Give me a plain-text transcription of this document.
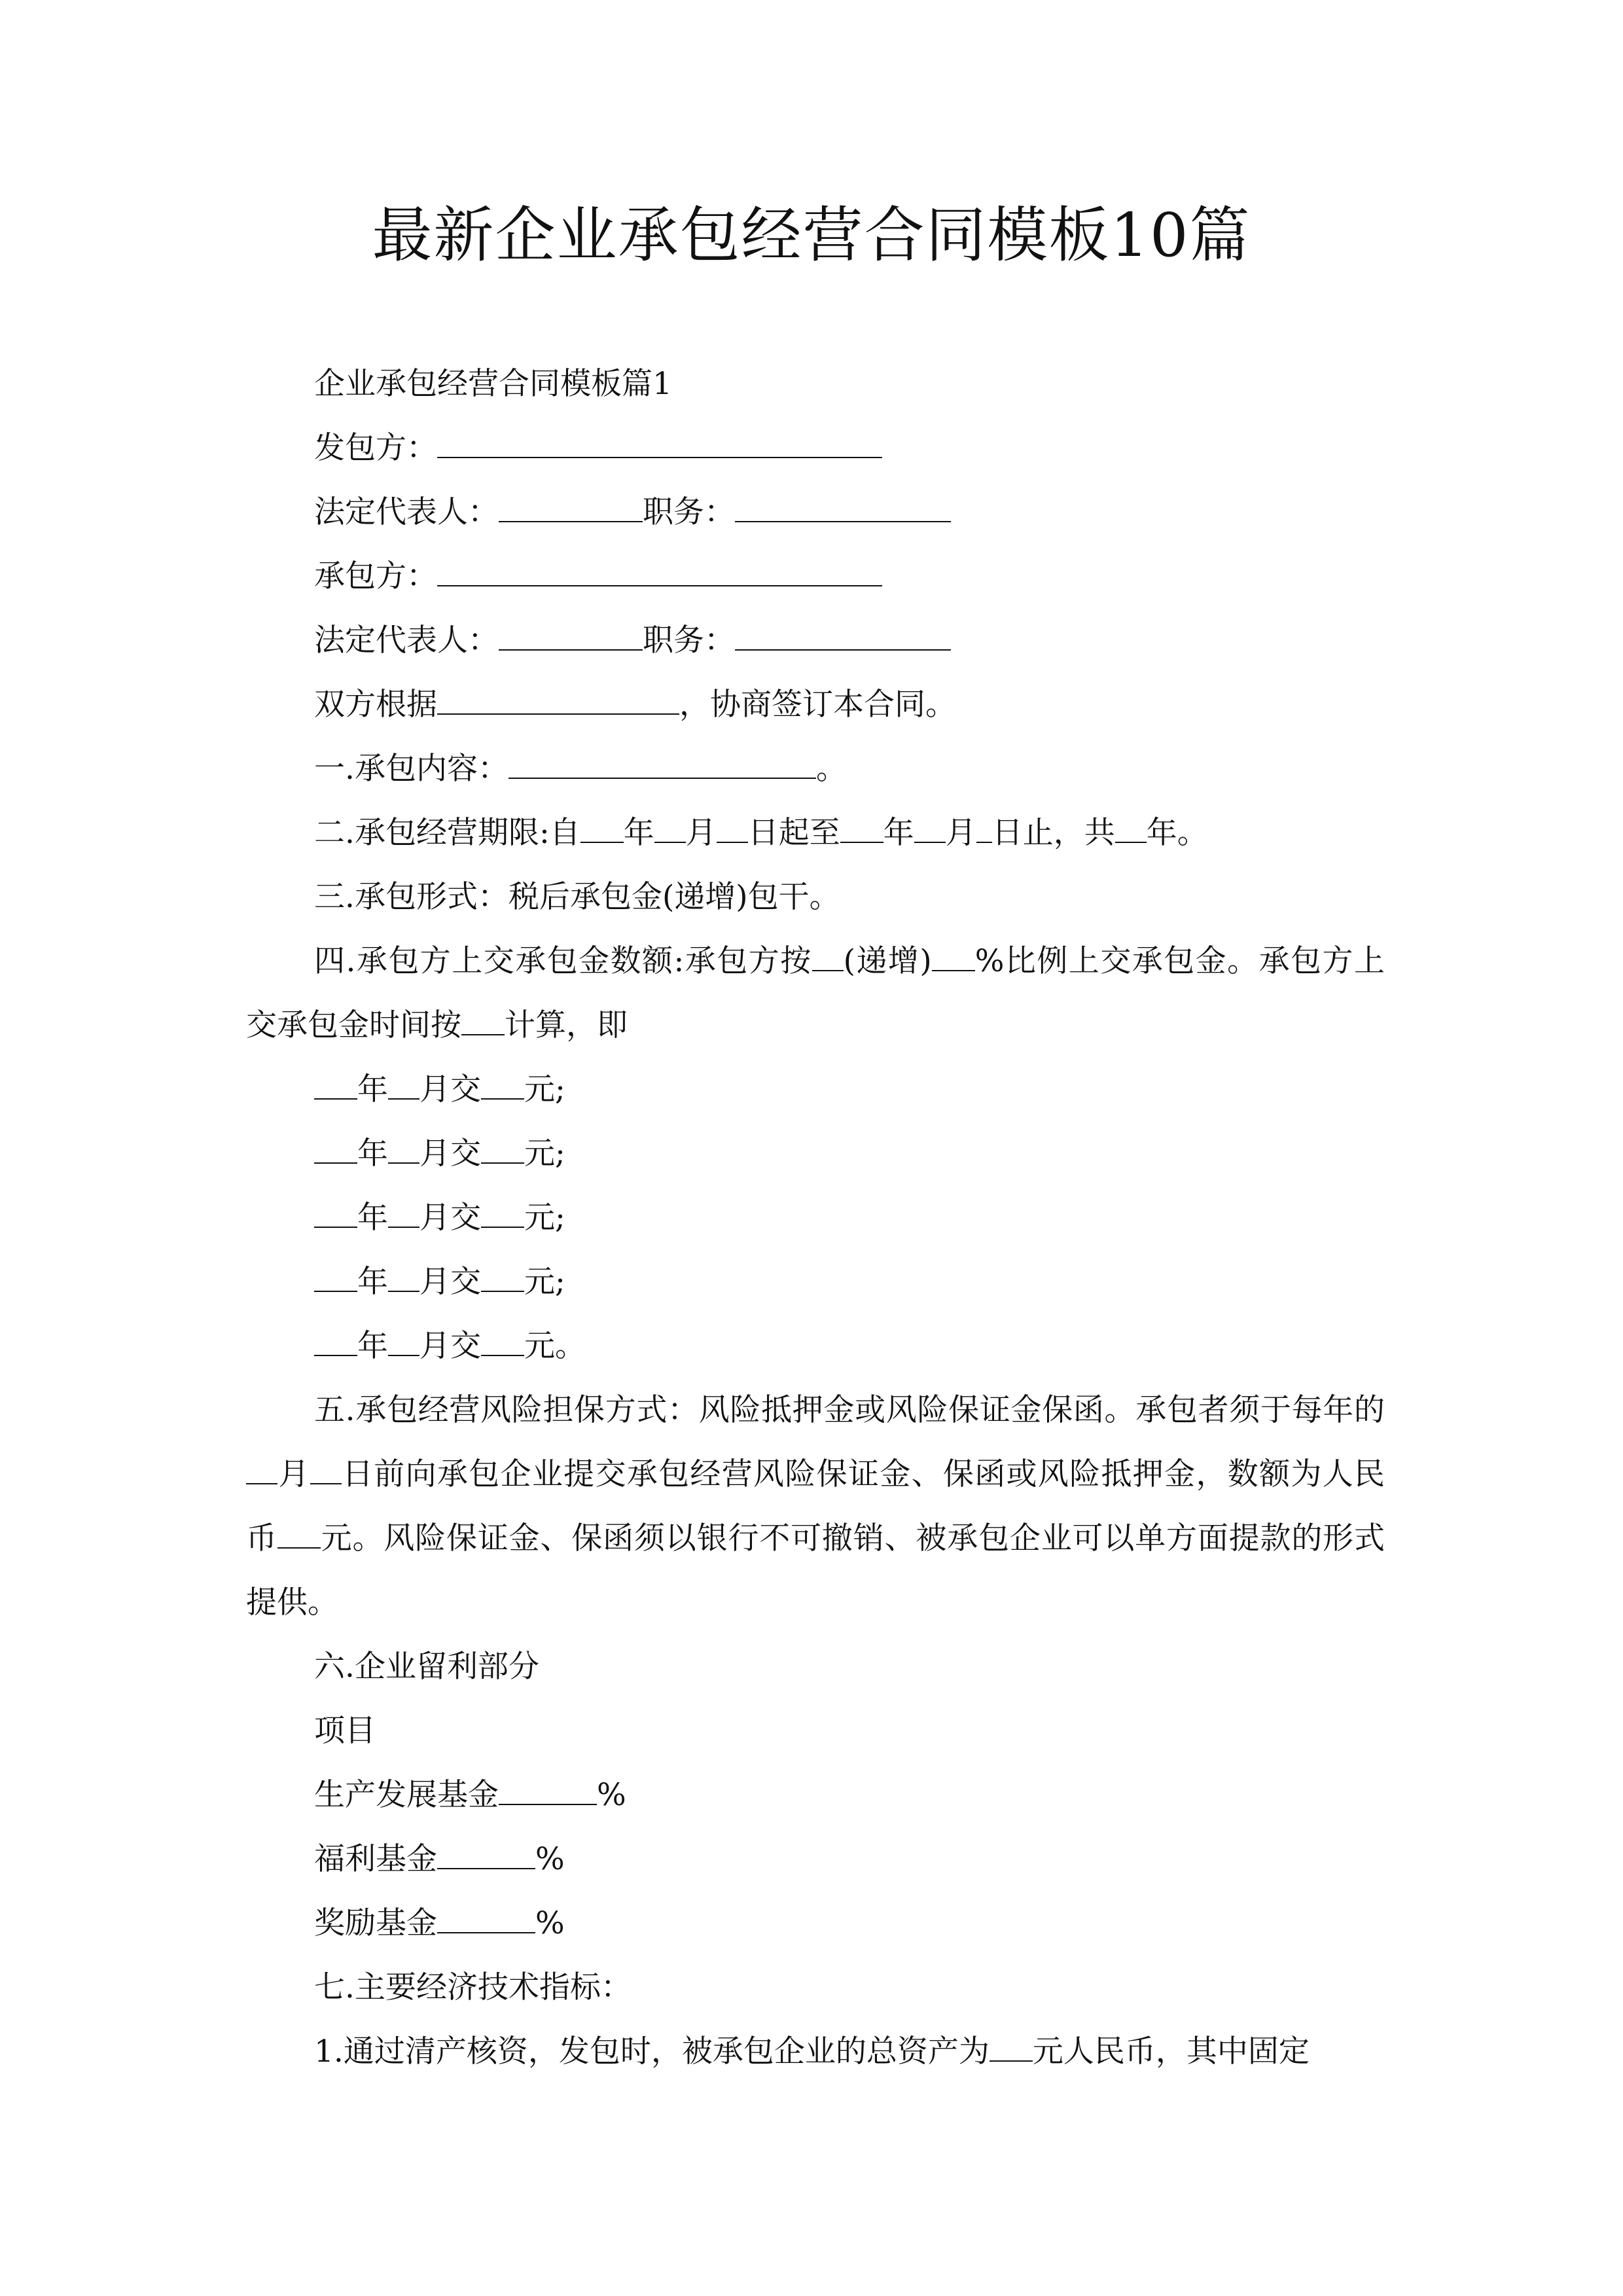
最新企业承包经营合同模板10篇

企业承包经营合同模板篇1

发包方：

法定代表人：	职务：

承包方：

法定代表人：	职务：

双方根据	，协商签订本合同。

一.承包内容：	。

二.承包经营期限:自 年 月 日起至 年 月 日止，共 年。

三.承包形式：税后承包金(递增)包干。

四.承包方上交承包金数额:承包方按 (递增) %比例上交承包金。承包方上交承包金时间按 计算，即

年 月交 元;

年 月交 元;

年 月交 元;

年 月交 元;

年 月交 元。

五.承包经营风险担保方式：风险抵押金或风险保证金保函。承包者须于每年的月 日前向承包企业提交承包经营风险保证金、保函或风险抵押金，数额为人民币 元。风险保证金、保函须以银行不可撤销、被承包企业可以单方面提款的形式提供。

六.企业留利部分

项目

生产发展基金	%

福利基金	%

奖励基金	%

七.主要经济技术指标：

1.通过清产核资，发包时，被承包企业的总资产为 元人民币，其中固定
